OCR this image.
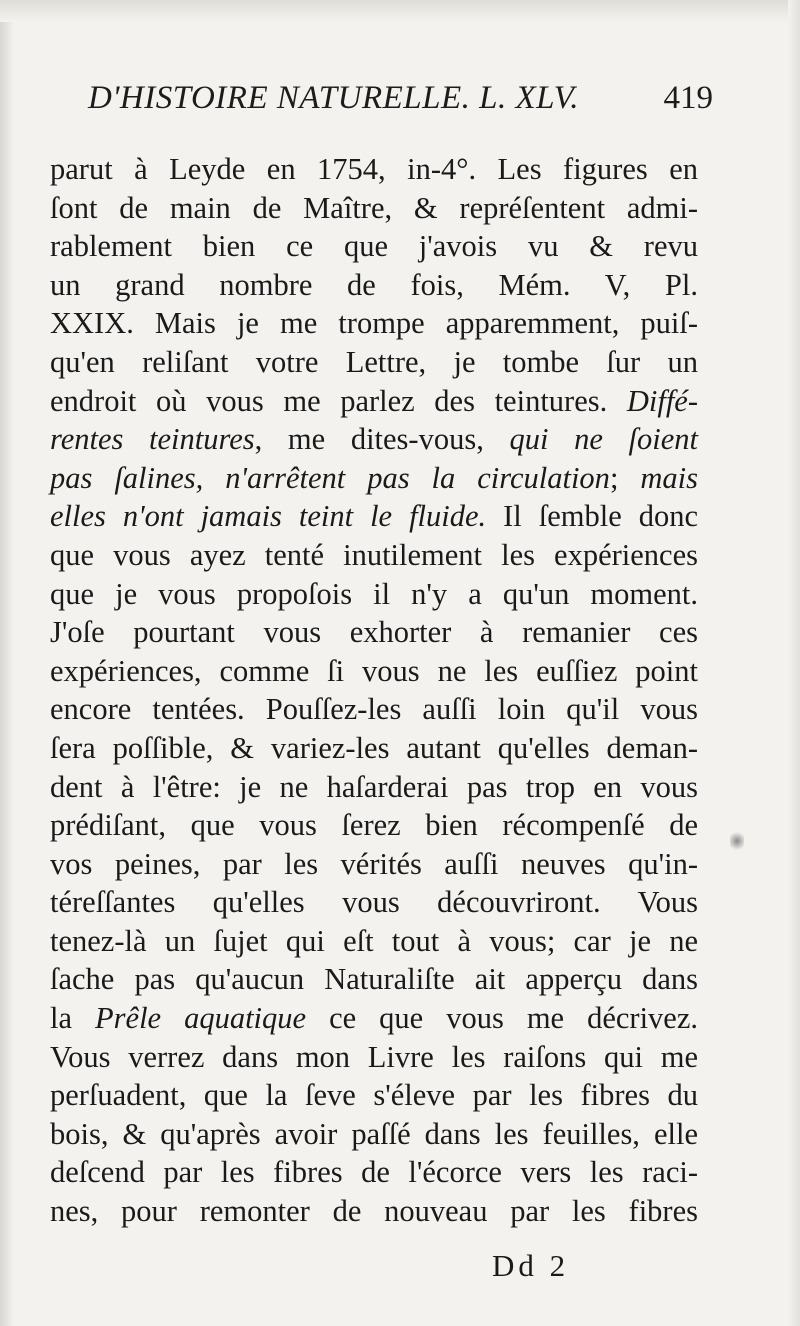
D'HISTOIRE NATURELLE. L. XLV.	419
parut à Leyde en 1754, in-4°. Les figures en
ſont de main de Maître, & repréſentent admi-
rablement bien ce que j'avois vu & revu
un grand nombre de fois, Mém. V, Pl.
XXIX. Mais je me trompe apparemment, puiſ-
qu'en reliſant votre Lettre, je tombe ſur un
endroit où vous me parlez des teintures. Diffé-
rentes teintures, me dites-vous, qui ne ſoient
pas ſalines, n'arrêtent pas la circulation; mais
elles n'ont jamais teint le fluide. Il ſemble donc
que vous ayez tenté inutilement les expériences
que je vous propoſois il n'y a qu'un moment.
J'oſe pourtant vous exhorter à remanier ces
expériences, comme ſi vous ne les euſſiez point
encore tentées. Pouſſez-les auſſi loin qu'il vous
ſera poſſible, & variez-les autant qu'elles deman-
dent à l'être: je ne haſarderai pas trop en vous
prédiſant, que vous ſerez bien récompenſé de
vos peines, par les vérités auſſi neuves qu'in-
téreſſantes qu'elles vous découvriront. Vous
tenez-là un ſujet qui eſt tout à vous; car je ne
ſache pas qu'aucun Naturaliſte ait apperçu dans
la Prêle aquatique ce que vous me décrivez.
Vous verrez dans mon Livre les raiſons qui me
perſuadent, que la ſeve s'éleve par les fibres du
bois, & qu'après avoir paſſé dans les feuilles, elle
deſcend par les fibres de l'écorce vers les raci-
nes, pour remonter de nouveau par les fibres
Dd 2
